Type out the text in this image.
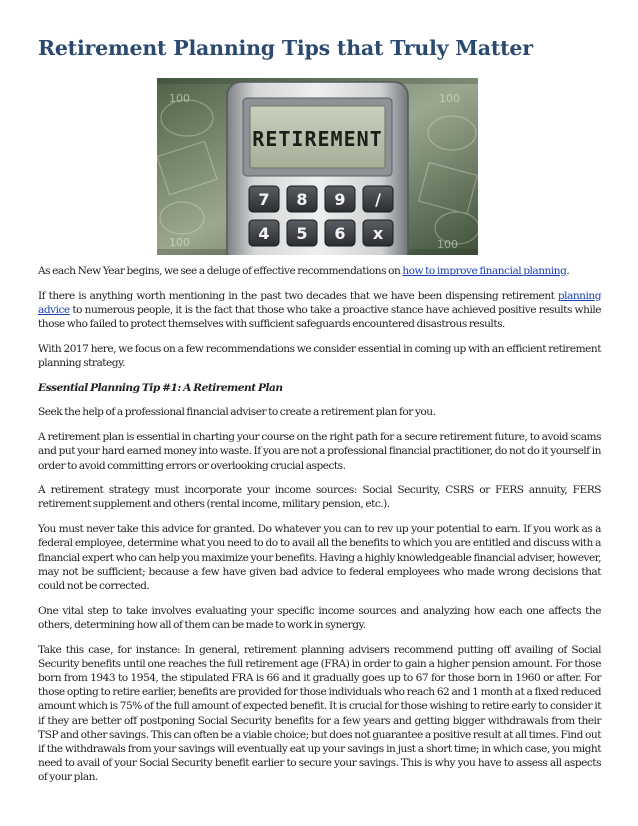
Retirement Planning Tips that Truly Matter
100	100
100	100
RETIREMENT
7 8 9 /
4 5 6 x

As each New Year begins, we see a deluge of effective recommendations on how to improve financial planning.

If there is anything worth mentioning in the past two decades that we have been dispensing retirement planning advice to numerous people, it is the fact that those who take a proactive stance have achieved positive results while those who failed to protect themselves with sufficient safeguards encountered disastrous results.

With 2017 here, we focus on a few recommendations we consider essential in coming up with an efficient retirement planning strategy.

Essential Planning Tip #1: A Retirement Plan

Seek the help of a professional financial adviser to create a retirement plan for you.

A retirement plan is essential in charting your course on the right path for a secure retirement future, to avoid scams and put your hard earned money into waste. If you are not a professional financial practitioner, do not do it yourself in order to avoid committing errors or overlooking crucial aspects.

A retirement strategy must incorporate your income sources: Social Security, CSRS or FERS annuity, FERS retirement supplement and others (rental income, military pension, etc.).

You must never take this advice for granted. Do whatever you can to rev up your potential to earn. If you work as a federal employee, determine what you need to do to avail all the benefits to which you are entitled and discuss with a financial expert who can help you maximize your benefits. Having a highly knowledgeable financial adviser, however, may not be sufficient; because a few have given bad advice to federal employees who made wrong decisions that could not be corrected.

One vital step to take involves evaluating your specific income sources and analyzing how each one affects the others, determining how all of them can be made to work in synergy.

Take this case, for instance: In general, retirement planning advisers recommend putting off availing of Social Security benefits until one reaches the full retirement age (FRA) in order to gain a higher pension amount. For those born from 1943 to 1954, the stipulated FRA is 66 and it gradually goes up to 67 for those born in 1960 or after. For those opting to retire earlier, benefits are provided for those individuals who reach 62 and 1 month at a fixed reduced amount which is 75% of the full amount of expected benefit. It is crucial for those wishing to retire early to consider it if they are better off postponing Social Security benefits for a few years and getting bigger withdrawals from their TSP and other savings. This can often be a viable choice; but does not guarantee a positive result at all times. Find out if the withdrawals from your savings will eventually eat up your savings in just a short time; in which case, you might need to avail of your Social Security benefit earlier to secure your savings. This is why you have to assess all aspects of your plan.
